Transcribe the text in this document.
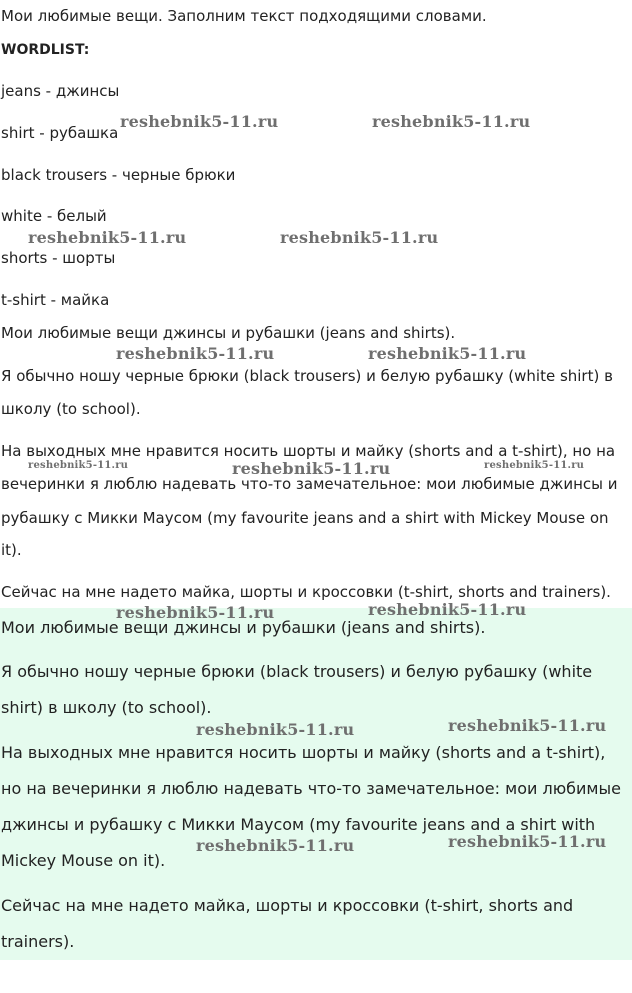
Мои любимые вещи. Заполним текст подходящими словами.
WORDLIST:
jeans - джинсы
shirt - рубашка
black trousers - черные брюки
white - белый
shorts - шорты
t-shirt - майка
Мои любимые вещи джинсы и рубашки (jeans and shirts).
Я обычно ношу черные брюки (black trousers) и белую рубашку (white shirt) в
школу (to school).
На выходных мне нравится носить шорты и майку (shorts and a t-shirt), но на
вечеринки я люблю надевать что-то замечательное: мои любимые джинсы и
рубашку с Микки Маусом (my favourite jeans and a shirt with Mickey Mouse on
it).
Сейчас на мне надето майка, шорты и кроссовки (t-shirt, shorts and trainers).
Мои любимые вещи джинсы и рубашки (jeans and shirts).
Я обычно ношу черные брюки (black trousers) и белую рубашку (white
shirt) в школу (to school).
На выходных мне нравится носить шорты и майку (shorts and a t-shirt),
но на вечеринки я люблю надевать что-то замечательное: мои любимые
джинсы и рубашку с Микки Маусом (my favourite jeans and a shirt with
Mickey Mouse on it).
Сейчас на мне надето майка, шорты и кроссовки (t-shirt, shorts and
trainers).
reshebnik5-11.ru	reshebnik5-11.ru
reshebnik5-11.ru	reshebnik5-11.ru
reshebnik5-11.ru	reshebnik5-11.ru
reshebnik5-11.ru	reshebnik5-11.ru	reshebnik5-11.ru
reshebnik5-11.ru	reshebnik5-11.ru
reshebnik5-11.ru	reshebnik5-11.ru
reshebnik5-11.ru	reshebnik5-11.ru
